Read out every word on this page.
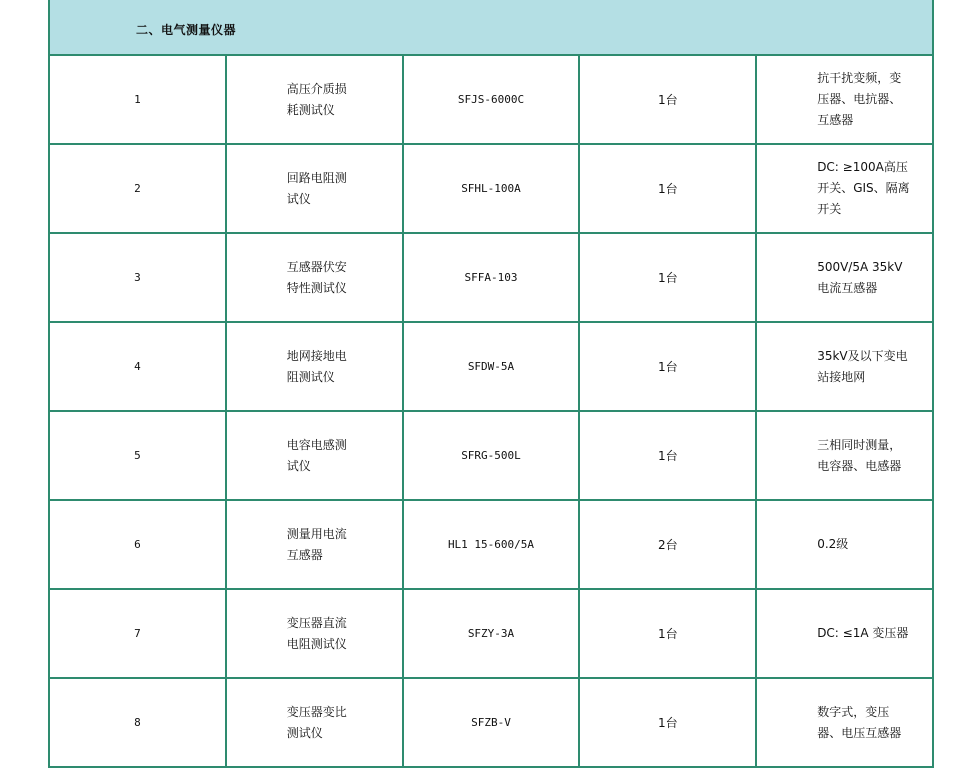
二、电气测量仪器				
1	高压介质损耗测试仪	SFJS-6000C	1台	抗干扰变频，变压器、电抗器、互感器
2	回路电阻测试仪	SFHL-100A	1台	DC: ≥100A高压开关、GIS、隔离开关
3	互感器伏安特性测试仪	SFFA-103	1台	500V/5A 35kV电流互感器
4	地网接地电阻测试仪	SFDW-5A	1台	35kV及以下变电站接地网
5	电容电感测试仪	SFRG-500L	1台	三相同时测量，电容器、电感器
6	测量用电流互感器	HL1 15-600/5A	2台	0.2级
7	变压器直流电阻测试仪	SFZY-3A	1台	DC: ≤1A 变压器
8	变压器变比测试仪	SFZB-V	1台	数字式，变压器、电压互感器
